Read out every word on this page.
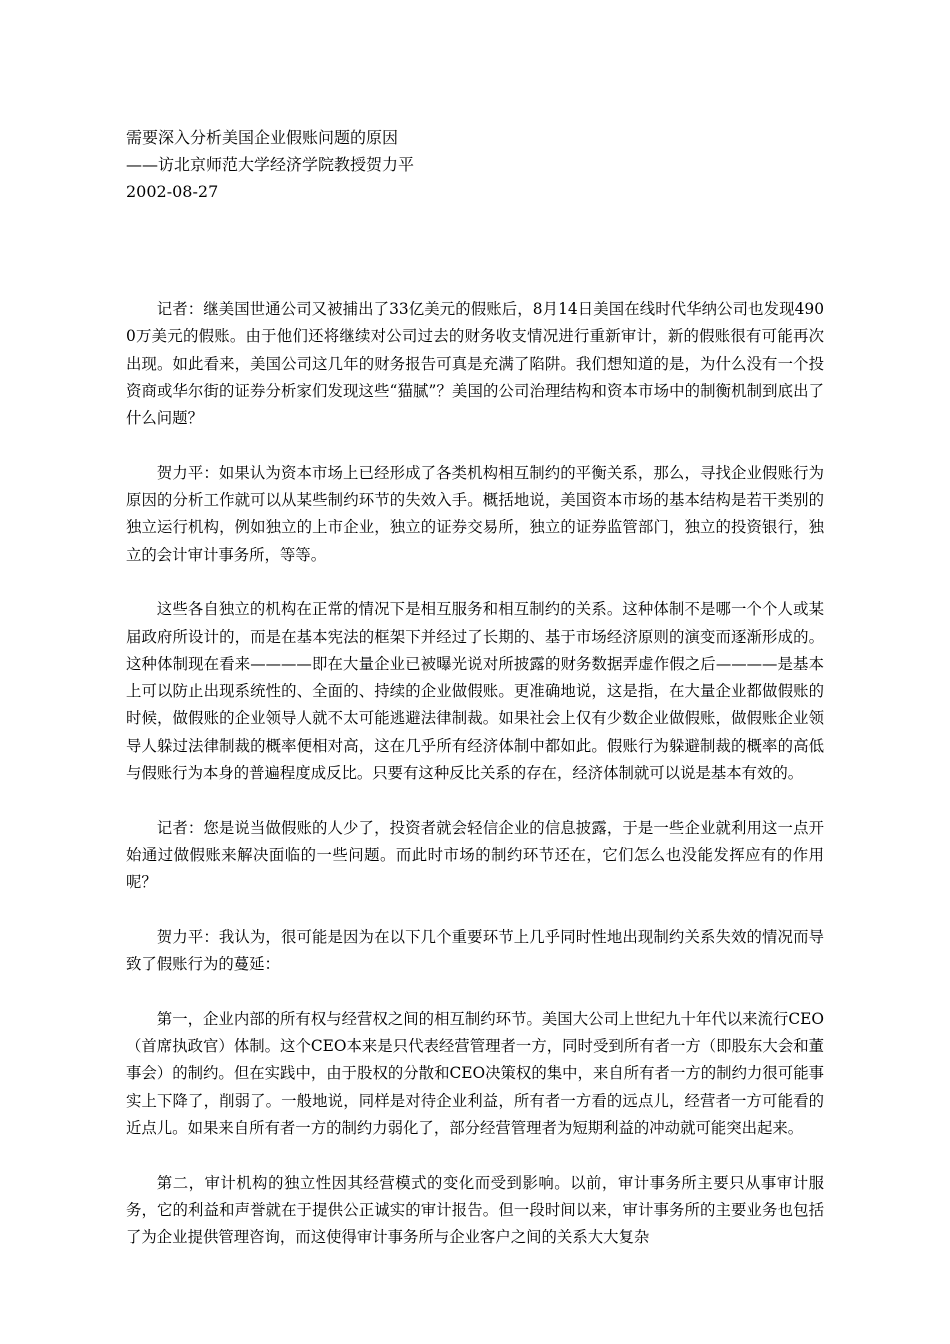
需要深入分析美国企业假账问题的原因
——访北京师范大学经济学院教授贺力平
2002-08-27

记者：继美国世通公司又被捕出了33亿美元的假账后，8月14日美国在线时代华纳公司也发现4900万美元的假账。由于他们还将继续对公司过去的财务收支情况进行重新审计，新的假账很有可能再次出现。如此看来，美国公司这几年的财务报告可真是充满了陷阱。我们想知道的是，为什么没有一个投资商或华尔街的证券分析家们发现这些“猫腻”？美国的公司治理结构和资本市场中的制衡机制到底出了什么问题？

贺力平：如果认为资本市场上已经形成了各类机构相互制约的平衡关系，那么，寻找企业假账行为原因的分析工作就可以从某些制约环节的失效入手。概括地说，美国资本市场的基本结构是若干类别的独立运行机构，例如独立的上市企业，独立的证券交易所，独立的证券监管部门，独立的投资银行，独立的会计审计事务所，等等。

这些各自独立的机构在正常的情况下是相互服务和相互制约的关系。这种体制不是哪一个个人或某届政府所设计的，而是在基本宪法的框架下并经过了长期的、基于市场经济原则的演变而逐渐形成的。这种体制现在看来————即在大量企业已被曝光说对所披露的财务数据弄虚作假之后————是基本上可以防止出现系统性的、全面的、持续的企业做假账。更准确地说，这是指，在大量企业都做假账的时候，做假账的企业领导人就不太可能逃避法律制裁。如果社会上仅有少数企业做假账，做假账企业领导人躲过法律制裁的概率便相对高，这在几乎所有经济体制中都如此。假账行为躲避制裁的概率的高低与假账行为本身的普遍程度成反比。只要有这种反比关系的存在，经济体制就可以说是基本有效的。

记者：您是说当做假账的人少了，投资者就会轻信企业的信息披露，于是一些企业就利用这一点开始通过做假账来解决面临的一些问题。而此时市场的制约环节还在，它们怎么也没能发挥应有的作用呢？

贺力平：我认为，很可能是因为在以下几个重要环节上几乎同时性地出现制约关系失效的情况而导致了假账行为的蔓延：

第一，企业内部的所有权与经营权之间的相互制约环节。美国大公司上世纪九十年代以来流行CEO（首席执政官）体制。这个CEO本来是只代表经营管理者一方，同时受到所有者一方（即股东大会和董事会）的制约。但在实践中，由于股权的分散和CEO决策权的集中，来自所有者一方的制约力很可能事实上下降了，削弱了。一般地说，同样是对待企业利益，所有者一方看的远点儿，经营者一方可能看的近点儿。如果来自所有者一方的制约力弱化了，部分经营管理者为短期利益的冲动就可能突出起来。

第二，审计机构的独立性因其经营模式的变化而受到影响。以前，审计事务所主要只从事审计服务，它的利益和声誉就在于提供公正诚实的审计报告。但一段时间以来，审计事务所的主要业务也包括了为企业提供管理咨询，而这使得审计事务所与企业客户之间的关系大大复杂
